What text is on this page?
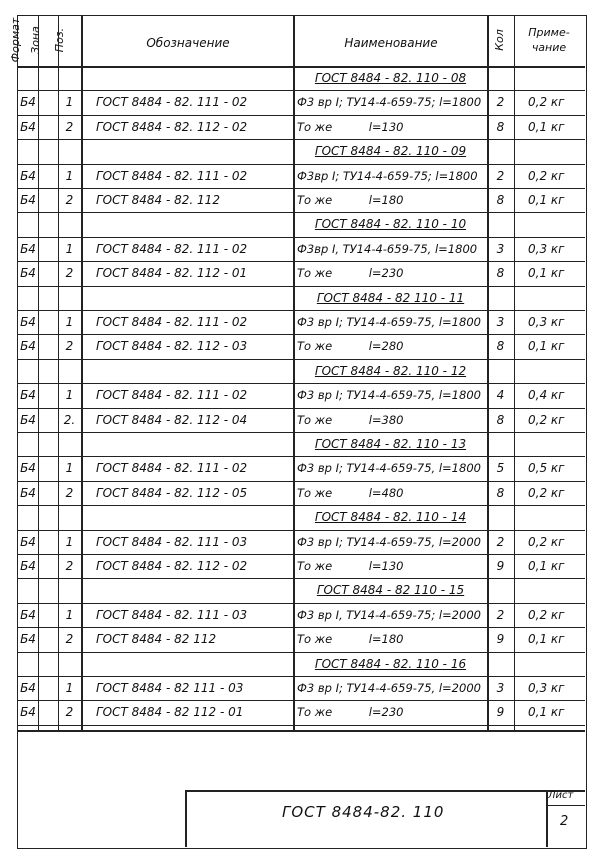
Формат Зона Поз.	Обозначение	Наименование	Кол	Приме-
чание
ГОСТ 8484 - 82. 110 - 08
Б4	1	ГОСТ 8484 - 82. 111 - 02	Ф3 вр I; ТУ14-4-659-75; l=1800	2	0,2 кг
Б4	2	ГОСТ 8484 - 82. 112 - 02	То же          l=130	8	0,1 кг
ГОСТ 8484 - 82. 110 - 09
Б4	1	ГОСТ 8484 - 82. 111 - 02	Ф3вр I; ТУ14-4-659-75; l=1800	2	0,2 кг
Б4	2	ГОСТ 8484 - 82. 112	То же          l=180	8	0,1 кг
ГОСТ 8484 - 82. 110 - 10
Б4	1	ГОСТ 8484 - 82. 111 - 02	Ф3вр I, ТУ14-4-659-75, l=1800	3	0,3 кг
Б4	2	ГОСТ 8484 - 82. 112 - 01	То же          l=230	8	0,1 кг
ГОСТ 8484 - 82 110 - 11
Б4	1	ГОСТ 8484 - 82. 111 - 02	Ф3 вр I; ТУ14-4-659-75, l=1800	3	0,3 кг
Б4	2	ГОСТ 8484 - 82. 112 - 03	То же          l=280	8	0,1 кг
ГОСТ 8484 - 82. 110 - 12
Б4	1	ГОСТ 8484 - 82. 111 - 02	Ф3 вр I; ТУ14-4-659-75, l=1800	4	0,4 кг
Б4	2.	ГОСТ 8484 - 82. 112 - 04	То же          l=380	8	0,2 кг
ГОСТ 8484 - 82. 110 - 13
Б4	1	ГОСТ 8484 - 82. 111 - 02	Ф3 вр I; ТУ14-4-659-75, l=1800	5	0,5 кг
Б4	2	ГОСТ 8484 - 82. 112 - 05	То же          l=480	8	0,2 кг
ГОСТ 8484 - 82. 110 - 14
Б4	1	ГОСТ 8484 - 82. 111 - 03	Ф3 вр I; ТУ14-4-659-75, l=2000	2	0,2 кг
Б4	2	ГОСТ 8484 - 82. 112 - 02	То же          l=130	9	0,1 кг
ГОСТ 8484 - 82 110 - 15
Б4	1	ГОСТ 8484 - 82. 111 - 03	Ф3 вр I, ТУ14-4-659-75; l=2000	2	0,2 кг
Б4	2	ГОСТ 8484 - 82 112	То же          l=180	9	0,1 кг
ГОСТ 8484 - 82. 110 - 16
Б4	1	ГОСТ 8484 - 82 111 - 03	Ф3 вр I; ТУ14-4-659-75, l=2000	3	0,3 кг
Б4	2	ГОСТ 8484 - 82 112 - 01	То же          l=230	9	0,1 кг
ГОСТ 8484-82. 110
Лист
2
